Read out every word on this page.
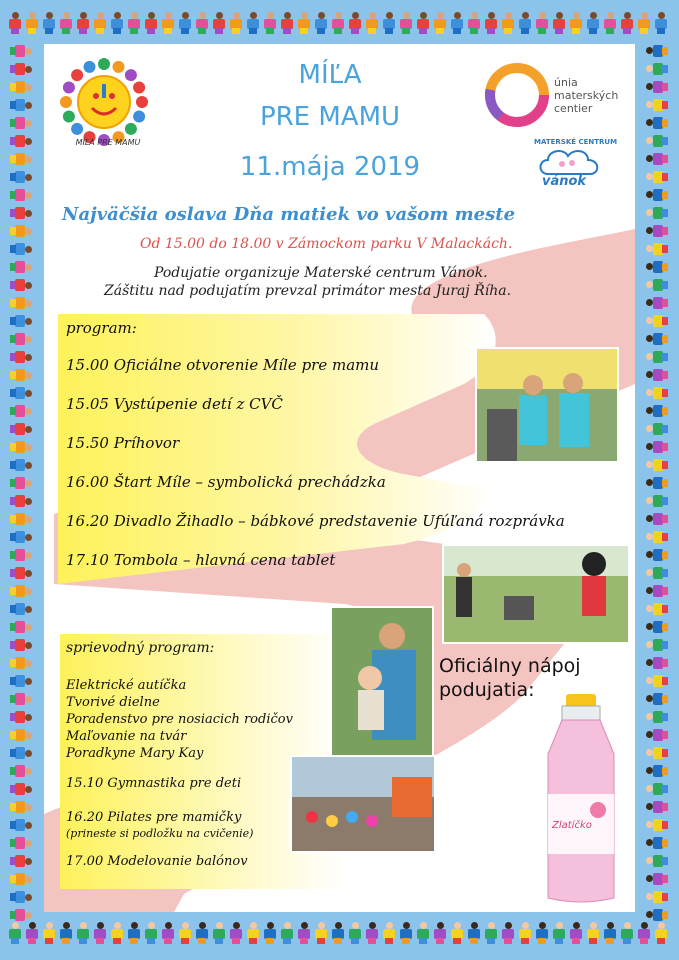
MÍĽA PRE MAMU
MÍĽA
PRE MAMU
11.mája 2019
únia
materských
centier
MATERSKÉ CENTRUM
vánok
Najväčšia oslava Dňa matiek vo vašom meste
Od 15.00 do 18.00 v Zámockom parku V Malackách.
Podujatie organizuje Materské centrum Vánok.
Záštitu nad podujatím prevzal primátor mesta Juraj Říha.
program:
sprievodný program:
Oficiálny nápoj
podujatia:
Zlatíčko
15.00 Oficiálne otvorenie Míle pre mamu
15.05 Vystúpenie detí z CVČ
15.50 Príhovor
16.00 Štart Míle – symbolická prechádzka
16.20 Divadlo Žihadlo – bábkové predstavenie Ufúľaná rozprávka
17.10 Tombola – hlavná cena tablet
Elektrické autíčka
Tvorivé dielne
Poradenstvo pre nosiacich rodičov
Maľovanie na tvár
Poradkyne Mary Kay
15.10 Gymnastika pre deti
16.20 Pilates pre mamičky
(prineste si podložku na cvičenie)
17.00 Modelovanie balónov
